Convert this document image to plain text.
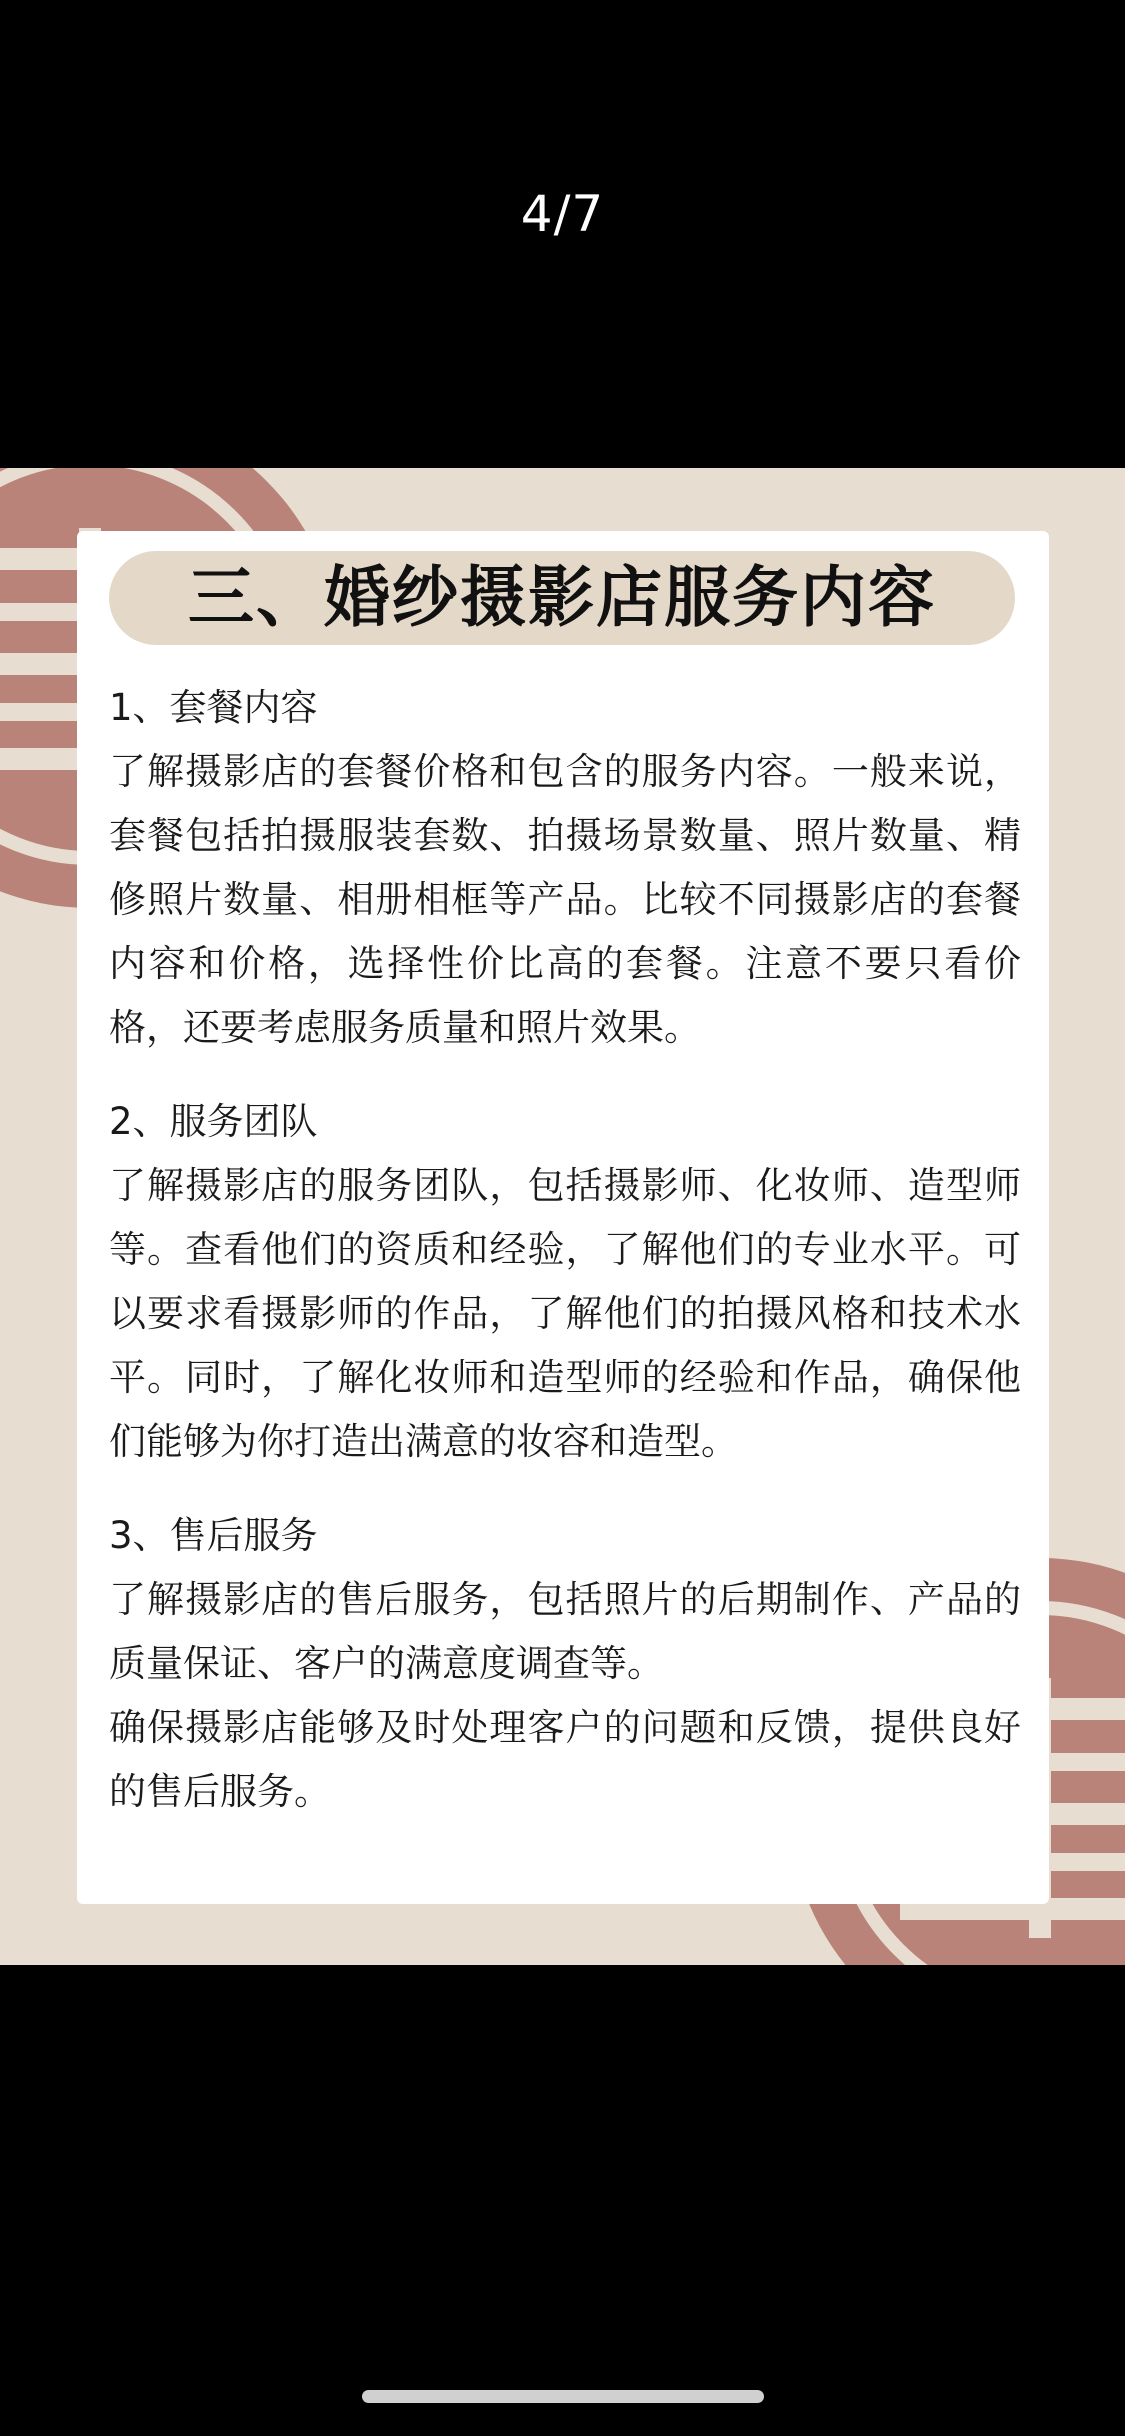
4/7
三、婚纱摄影店服务内容
1、套餐内容

了解摄影店的套餐价格和包含的服务内容。一般来说，套餐包括拍摄服装套数、拍摄场景数量、照片数量、精修照片数量、相册相框等产品。比较不同摄影店的套餐内容和价格，选择性价比高的套餐。注意不要只看价格，还要考虑服务质量和照片效果。

2、服务团队

了解摄影店的服务团队，包括摄影师、化妆师、造型师等。查看他们的资质和经验，了解他们的专业水平。可以要求看摄影师的作品，了解他们的拍摄风格和技术水平。同时，了解化妆师和造型师的经验和作品，确保他们能够为你打造出满意的妆容和造型。

3、售后服务

了解摄影店的售后服务，包括照片的后期制作、产品的质量保证、客户的满意度调查等。

确保摄影店能够及时处理客户的问题和反馈，提供良好的售后服务。
